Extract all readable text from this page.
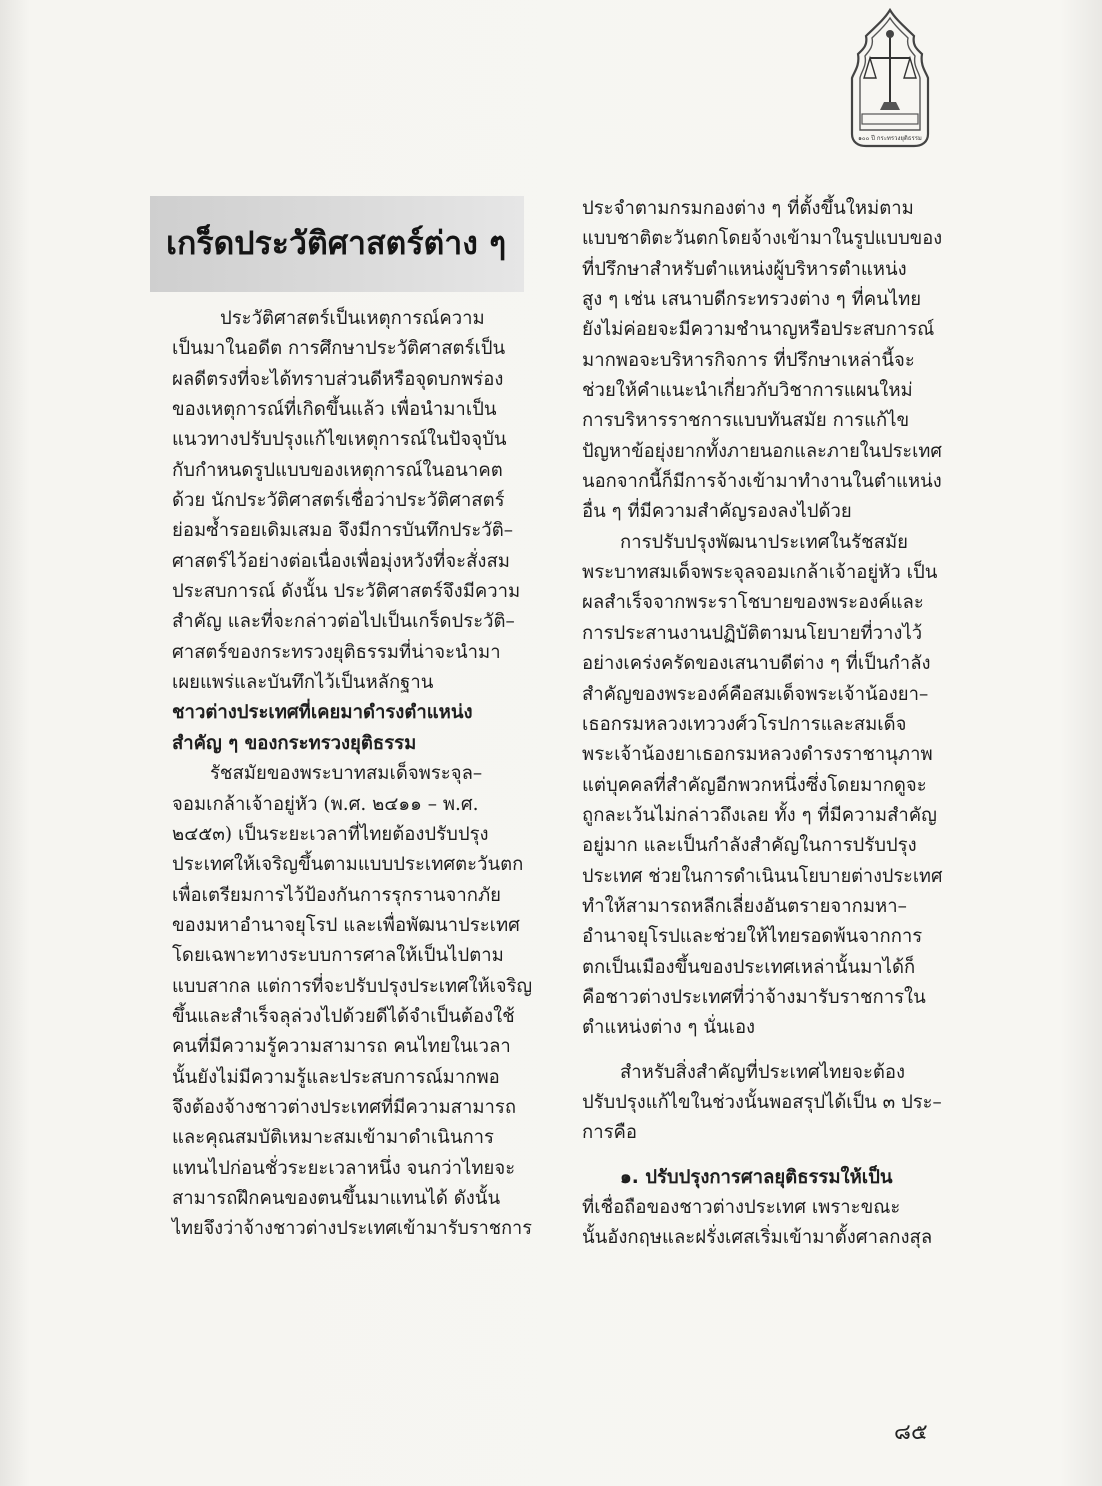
๑๐๐ ปี กระทรวงยุติธรรม
เกร็ดประวัติศาสตร์ต่าง ๆ
ประวัติศาสตร์เป็นเหตุการณ์ความ
เป็นมาในอดีต การศึกษาประวัติศาสตร์เป็น
ผลดีตรงที่จะได้ทราบส่วนดีหรือจุดบกพร่อง
ของเหตุการณ์ที่เกิดขึ้นแล้ว เพื่อนำมาเป็น
แนวทางปรับปรุงแก้ไขเหตุการณ์ในปัจจุบัน
กับกำหนดรูปแบบของเหตุการณ์ในอนาคต
ด้วย นักประวัติศาสตร์เชื่อว่าประวัติศาสตร์
ย่อมซ้ำรอยเดิมเสมอ จึงมีการบันทึกประวัติ–
ศาสตร์ไว้อย่างต่อเนื่องเพื่อมุ่งหวังที่จะสั่งสม
ประสบการณ์ ดังนั้น ประวัติศาสตร์จึงมีความ
สำคัญ และที่จะกล่าวต่อไปเป็นเกร็ดประวัติ–
ศาสตร์ของกระทรวงยุติธรรมที่น่าจะนำมา
เผยแพร่และบันทึกไว้เป็นหลักฐาน
ชาวต่างประเทศที่เคยมาดำรงตำแหน่ง
สำคัญ ๆ ของกระทรวงยุติธรรม
รัชสมัยของพระบาทสมเด็จพระจุล–
จอมเกล้าเจ้าอยู่หัว (พ.ศ. ๒๔๑๑ – พ.ศ.
๒๔๕๓) เป็นระยะเวลาที่ไทยต้องปรับปรุง
ประเทศให้เจริญขึ้นตามแบบประเทศตะวันตก
เพื่อเตรียมการไว้ป้องกันการรุกรานจากภัย
ของมหาอำนาจยุโรป และเพื่อพัฒนาประเทศ
โดยเฉพาะทางระบบการศาลให้เป็นไปตาม
แบบสากล แต่การที่จะปรับปรุงประเทศให้เจริญ
ขึ้นและสำเร็จลุล่วงไปด้วยดีได้จำเป็นต้องใช้
คนที่มีความรู้ความสามารถ คนไทยในเวลา
นั้นยังไม่มีความรู้และประสบการณ์มากพอ
จึงต้องจ้างชาวต่างประเทศที่มีความสามารถ
และคุณสมบัติเหมาะสมเข้ามาดำเนินการ
แทนไปก่อนชั่วระยะเวลาหนึ่ง จนกว่าไทยจะ
สามารถฝึกคนของตนขึ้นมาแทนได้ ดังนั้น
ไทยจึงว่าจ้างชาวต่างประเทศเข้ามารับราชการ
ประจำตามกรมกองต่าง ๆ ที่ตั้งขึ้นใหม่ตาม
แบบชาติตะวันตกโดยจ้างเข้ามาในรูปแบบของ
ที่ปรึกษาสำหรับตำแหน่งผู้บริหารตำแหน่ง
สูง ๆ เช่น เสนาบดีกระทรวงต่าง ๆ ที่คนไทย
ยังไม่ค่อยจะมีความชำนาญหรือประสบการณ์
มากพอจะบริหารกิจการ ที่ปรึกษาเหล่านี้จะ
ช่วยให้คำแนะนำเกี่ยวกับวิชาการแผนใหม่
การบริหารราชการแบบทันสมัย การแก้ไข
ปัญหาข้อยุ่งยากทั้งภายนอกและภายในประเทศ
นอกจากนี้ก็มีการจ้างเข้ามาทำงานในตำแหน่ง
อื่น ๆ ที่มีความสำคัญรองลงไปด้วย
การปรับปรุงพัฒนาประเทศในรัชสมัย
พระบาทสมเด็จพระจุลจอมเกล้าเจ้าอยู่หัว เป็น
ผลสำเร็จจากพระราโชบายของพระองค์และ
การประสานงานปฏิบัติตามนโยบายที่วางไว้
อย่างเคร่งครัดของเสนาบดีต่าง ๆ ที่เป็นกำลัง
สำคัญของพระองค์คือสมเด็จพระเจ้าน้องยา–
เธอกรมหลวงเทววงศ์วโรปการและสมเด็จ
พระเจ้าน้องยาเธอกรมหลวงดำรงราชานุภาพ
แต่บุคคลที่สำคัญอีกพวกหนึ่งซึ่งโดยมากดูจะ
ถูกละเว้นไม่กล่าวถึงเลย ทั้ง ๆ ที่มีความสำคัญ
อยู่มาก และเป็นกำลังสำคัญในการปรับปรุง
ประเทศ ช่วยในการดำเนินนโยบายต่างประเทศ
ทำให้สามารถหลีกเลี่ยงอันตรายจากมหา–
อำนาจยุโรปและช่วยให้ไทยรอดพ้นจากการ
ตกเป็นเมืองขึ้นของประเทศเหล่านั้นมาได้ก็
คือชาวต่างประเทศที่ว่าจ้างมารับราชการใน
ตำแหน่งต่าง ๆ นั่นเอง
สำหรับสิ่งสำคัญที่ประเทศไทยจะต้อง
ปรับปรุงแก้ไขในช่วงนั้นพอสรุปได้เป็น ๓ ประ–
การคือ
๑. ปรับปรุงการศาลยุติธรรมให้เป็น
ที่เชื่อถือของชาวต่างประเทศ เพราะขณะ
นั้นอังกฤษและฝรั่งเศสเริ่มเข้ามาตั้งศาลกงสุล
๘๕
